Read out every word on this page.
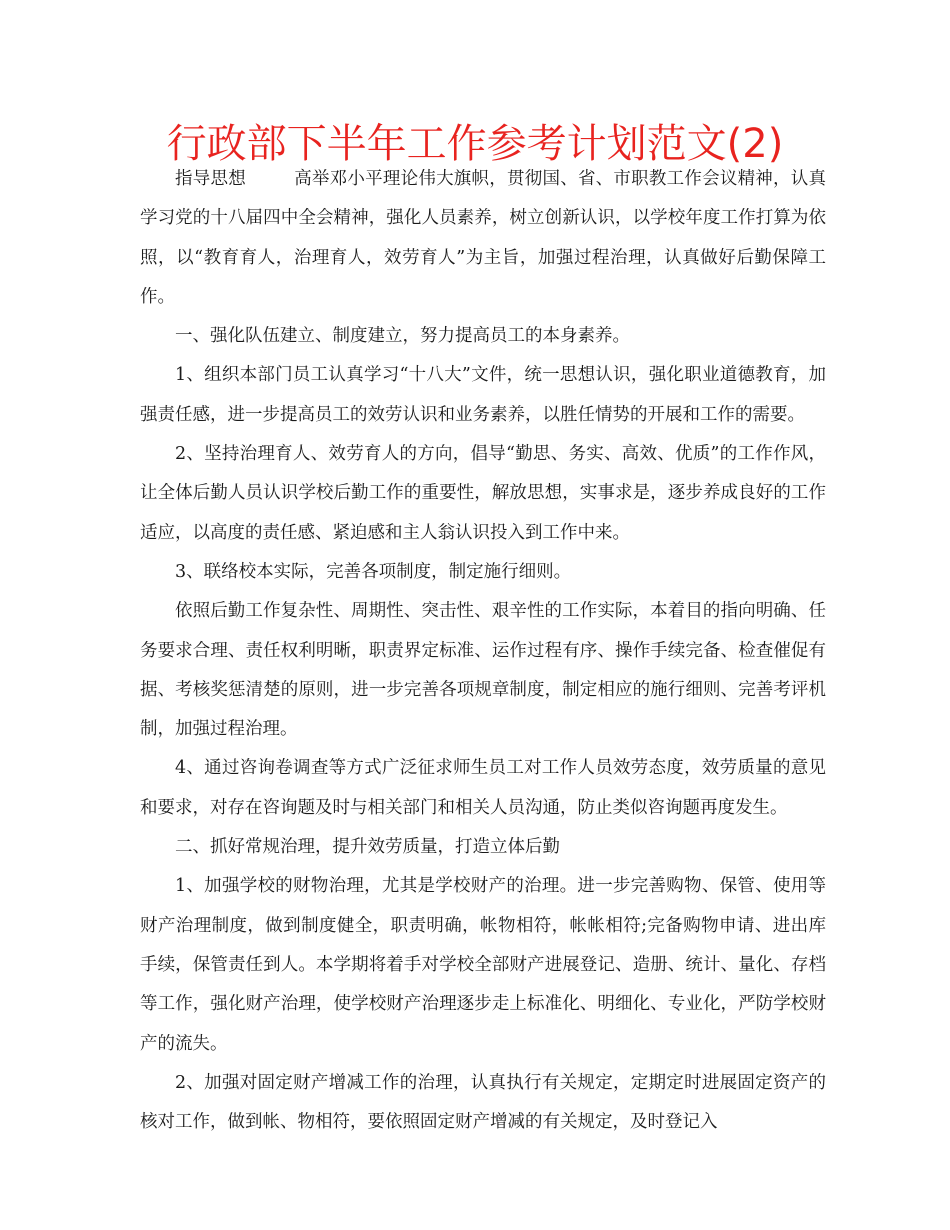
行政部下半年工作参考计划范文(2)

指导思想	高举邓小平理论伟大旗帜，贯彻国、省、市职教工作会议精神，认真学习党的十八届四中全会精神，强化人员素养，树立创新认识，以学校年度工作打算为依照，以“教育育人，治理育人，效劳育人”为主旨，加强过程治理，认真做好后勤保障工作。

一、强化队伍建立、制度建立，努力提高员工的本身素养。

1、组织本部门员工认真学习“十八大”文件，统一思想认识，强化职业道德教育，加强责任感，进一步提高员工的效劳认识和业务素养，以胜任情势的开展和工作的需要。

2、坚持治理育人、效劳育人的方向，倡导“勤思、务实、高效、优质”的工作作风，让全体后勤人员认识学校后勤工作的重要性，解放思想，实事求是，逐步养成良好的工作适应，以高度的责任感、紧迫感和主人翁认识投入到工作中来。

3、联络校本实际，完善各项制度，制定施行细则。

依照后勤工作复杂性、周期性、突击性、艰辛性的工作实际，本着目的指向明确、任务要求合理、责任权利明晰，职责界定标准、运作过程有序、操作手续完备、检查催促有据、考核奖惩清楚的原则，进一步完善各项规章制度，制定相应的施行细则、完善考评机制，加强过程治理。

4、通过咨询卷调查等方式广泛征求师生员工对工作人员效劳态度，效劳质量的意见和要求，对存在咨询题及时与相关部门和相关人员沟通，防止类似咨询题再度发生。

二、抓好常规治理，提升效劳质量，打造立体后勤

1、加强学校的财物治理，尤其是学校财产的治理。进一步完善购物、保管、使用等财产治理制度，做到制度健全，职责明确，帐物相符，帐帐相符;完备购物申请、进出库手续，保管责任到人。本学期将着手对学校全部财产进展登记、造册、统计、量化、存档等工作，强化财产治理，使学校财产治理逐步走上标准化、明细化、专业化，严防学校财产的流失。

2、加强对固定财产增减工作的治理，认真执行有关规定，定期定时进展固定资产的核对工作，做到帐、物相符，要依照固定财产增减的有关规定，及时登记入
